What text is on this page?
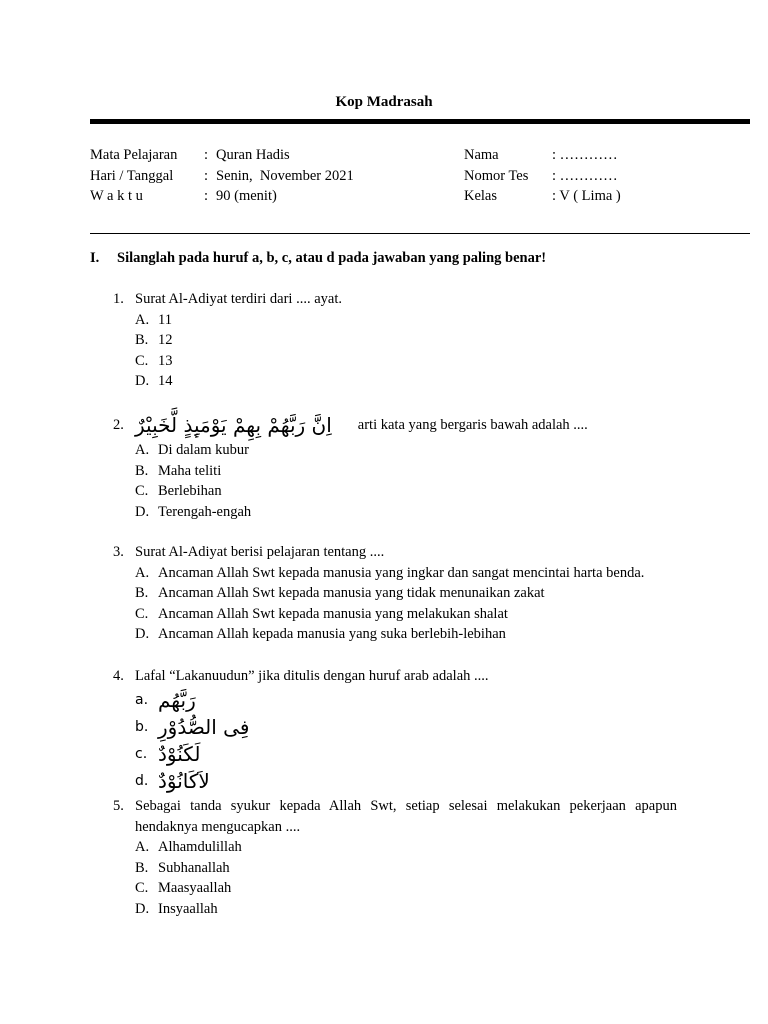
Kop Madrasah
Mata Pelajaran	: Quran Hadis
Hari / Tanggal	: Senin,  November 2021
W a k t u	: 90 (menit)
Nama	: …………
Nomor Tes	: …………
Kelas	: V ( Lima )
I. Silanglah pada huruf a, b, c, atau d pada jawaban yang paling benar!
1. Surat Al-Adiyat terdiri dari .... ayat.
A. 11
B. 12
C. 13
D. 14
2. اِنَّ رَبَّهُمْ بِهِمْ يَوْمَىِٕذٍ لَّخَبِيْرٌ arti kata yang bergaris bawah adalah ....
A. Di dalam kubur
B. Maha teliti
C. Berlebihan
D. Terengah-engah
3. Surat Al-Adiyat berisi pelajaran tentang ....
A. Ancaman Allah Swt kepada manusia yang ingkar dan sangat mencintai harta benda.
B. Ancaman Allah Swt kepada manusia yang tidak menunaikan zakat
C. Ancaman Allah Swt kepada manusia yang melakukan shalat
D. Ancaman Allah kepada manusia yang suka berlebih-lebihan
4. Lafal “Lakanuudun” jika ditulis dengan huruf arab adalah ....
a. رَبَّهُم
b. فِى الصُّدُوْرِ
c. لَكَنُوْدٌ
d. لاَكَانُوْدٌ
5. Sebagai tanda syukur kepada Allah Swt, setiap selesai melakukan pekerjaan apapun hendaknya mengucapkan ....
A. Alhamdulillah
B. Subhanallah
C. Maasyaallah
D. Insyaallah
